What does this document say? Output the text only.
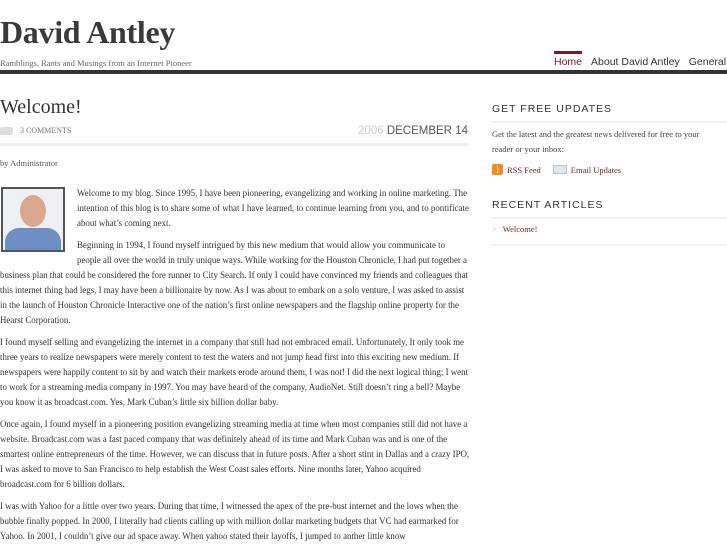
David Antley
Ramblings, Rants and Musings from an Internet Pioneer	Home About David Antley General
Welcome!
3 COMMENTS	2006 DECEMBER 14
by Administrator

Welcome to my blog. Since 1995, I have been pioneering, evangelizing and working in online marketing. The intention of this blog is to share some of what I have learned, to continue learning from you, and to pontificate about what’s coming next.

Beginning in 1994, I found myself intrigued by this new medium that would allow you communicate to people all over the world in truly unique ways. While working for the Houston Chronicle, I had put together a business plan that could be considered the fore runner to City Search. If only I could have convinced my friends and colleagues that this internet thing had legs, I may have been a billionaire by now. As I was about to embark on a solo venture, I was asked to assist in the launch of Houston Chronicle Interactive one of the nation’s first online newspapers and the flagship online property for the Hearst Corporation.

I found myself selling and evangelizing the internet in a company that still had not embraced email. Unfortunately, It only took me three years to realize newspapers were merely content to test the waters and not jump head first into this exciting new medium. If newspapers were happily content to sit by and watch their markets erode around them, I was not! I did the next logical thing; I went to work for a streaming media company in 1997. You may have heard of the company, AudioNet. Still doesn’t ring a bell? Maybe you know it as broadcast.com. Yes, Mark Cuban’s little six billion dollar baby.

Once again, I found myself in a pioneering position evangelizing streaming media at time when most companies still did not have a website. Broadcast.com was a fast paced company that was definitely ahead of its time and Mark Cuban was and is one of the smartest online entrepreneurs of the time. However, we can discuss that in future posts. After a short stint in Dallas and a crazy IPO, I was asked to move to San Francisco to help establish the West Coast sales efforts. Nine months later, Yahoo acquired broadcast.com for 6 billion dollars.

I was with Yahoo for a little over two years. During that time, I witnessed the apex of the pre-bust internet and the lows when the bubble finally popped. In 2000, I literally had clients calling up with million dollar marketing budgets that VC had earmarked for Yahoo. In 2001, I couldn’t give our ad space away. When yahoo stated their layoffs, I jumped to anther little know

GET FREE UPDATES
Get the latest and the greatest news delivered for free to your reader or your inbox:
) RSS Feed	Email Updates
RECENT ARTICLES
> Welcome!
